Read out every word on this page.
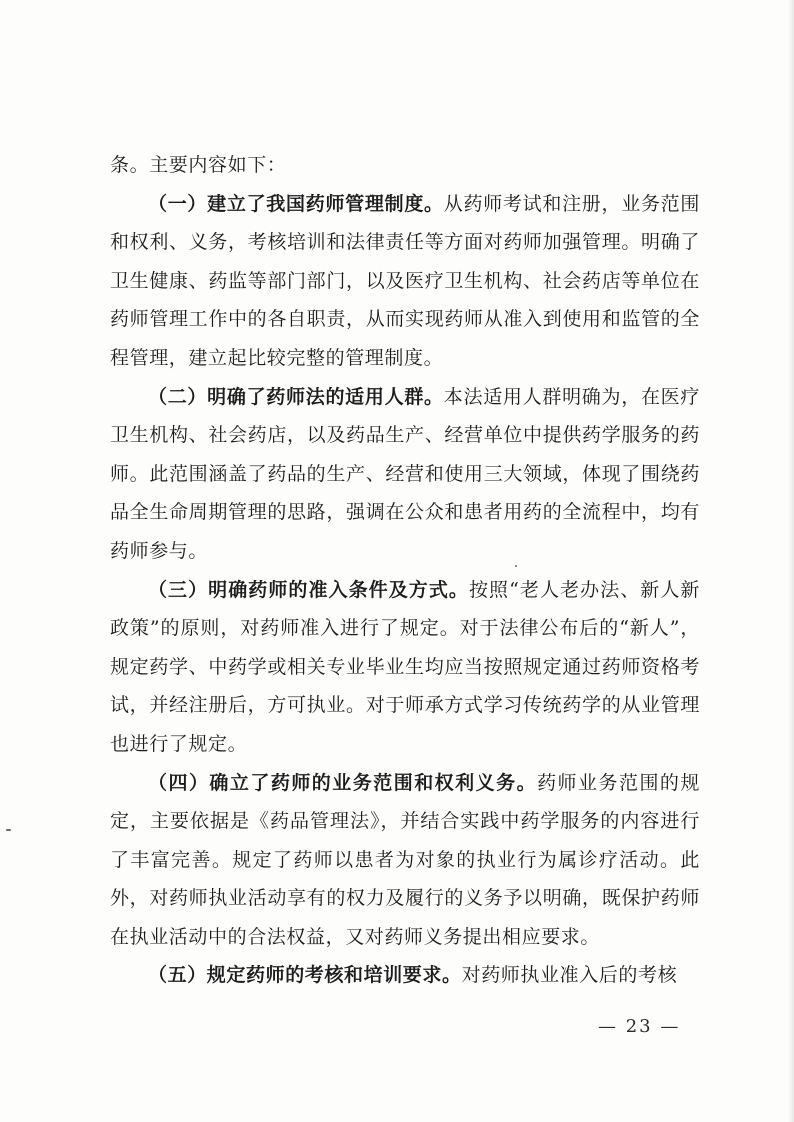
条。主要内容如下：

（一）建立了我国药师管理制度。从药师考试和注册，业务范围和权利、义务，考核培训和法律责任等方面对药师加强管理。明确了卫生健康、药监等部门部门，以及医疗卫生机构、社会药店等单位在药师管理工作中的各自职责，从而实现药师从准入到使用和监管的全程管理，建立起比较完整的管理制度。

（二）明确了药师法的适用人群。本法适用人群明确为，在医疗卫生机构、社会药店，以及药品生产、经营单位中提供药学服务的药师。此范围涵盖了药品的生产、经营和使用三大领域，体现了围绕药品全生命周期管理的思路，强调在公众和患者用药的全流程中，均有药师参与。

（三）明确药师的准入条件及方式。按照“老人老办法、新人新政策”的原则，对药师准入进行了规定。对于法律公布后的“新人”，规定药学、中药学或相关专业毕业生均应当按照规定通过药师资格考试，并经注册后，方可执业。对于师承方式学习传统药学的从业管理也进行了规定。

（四）确立了药师的业务范围和权利义务。药师业务范围的规定，主要依据是《药品管理法》，并结合实践中药学服务的内容进行了丰富完善。规定了药师以患者为对象的执业行为属诊疗活动。此外，对药师执业活动享有的权力及履行的义务予以明确，既保护药师在执业活动中的合法权益，又对药师义务提出相应要求。

（五）规定药师的考核和培训要求。对药师执业准入后的考核

— 23 —
